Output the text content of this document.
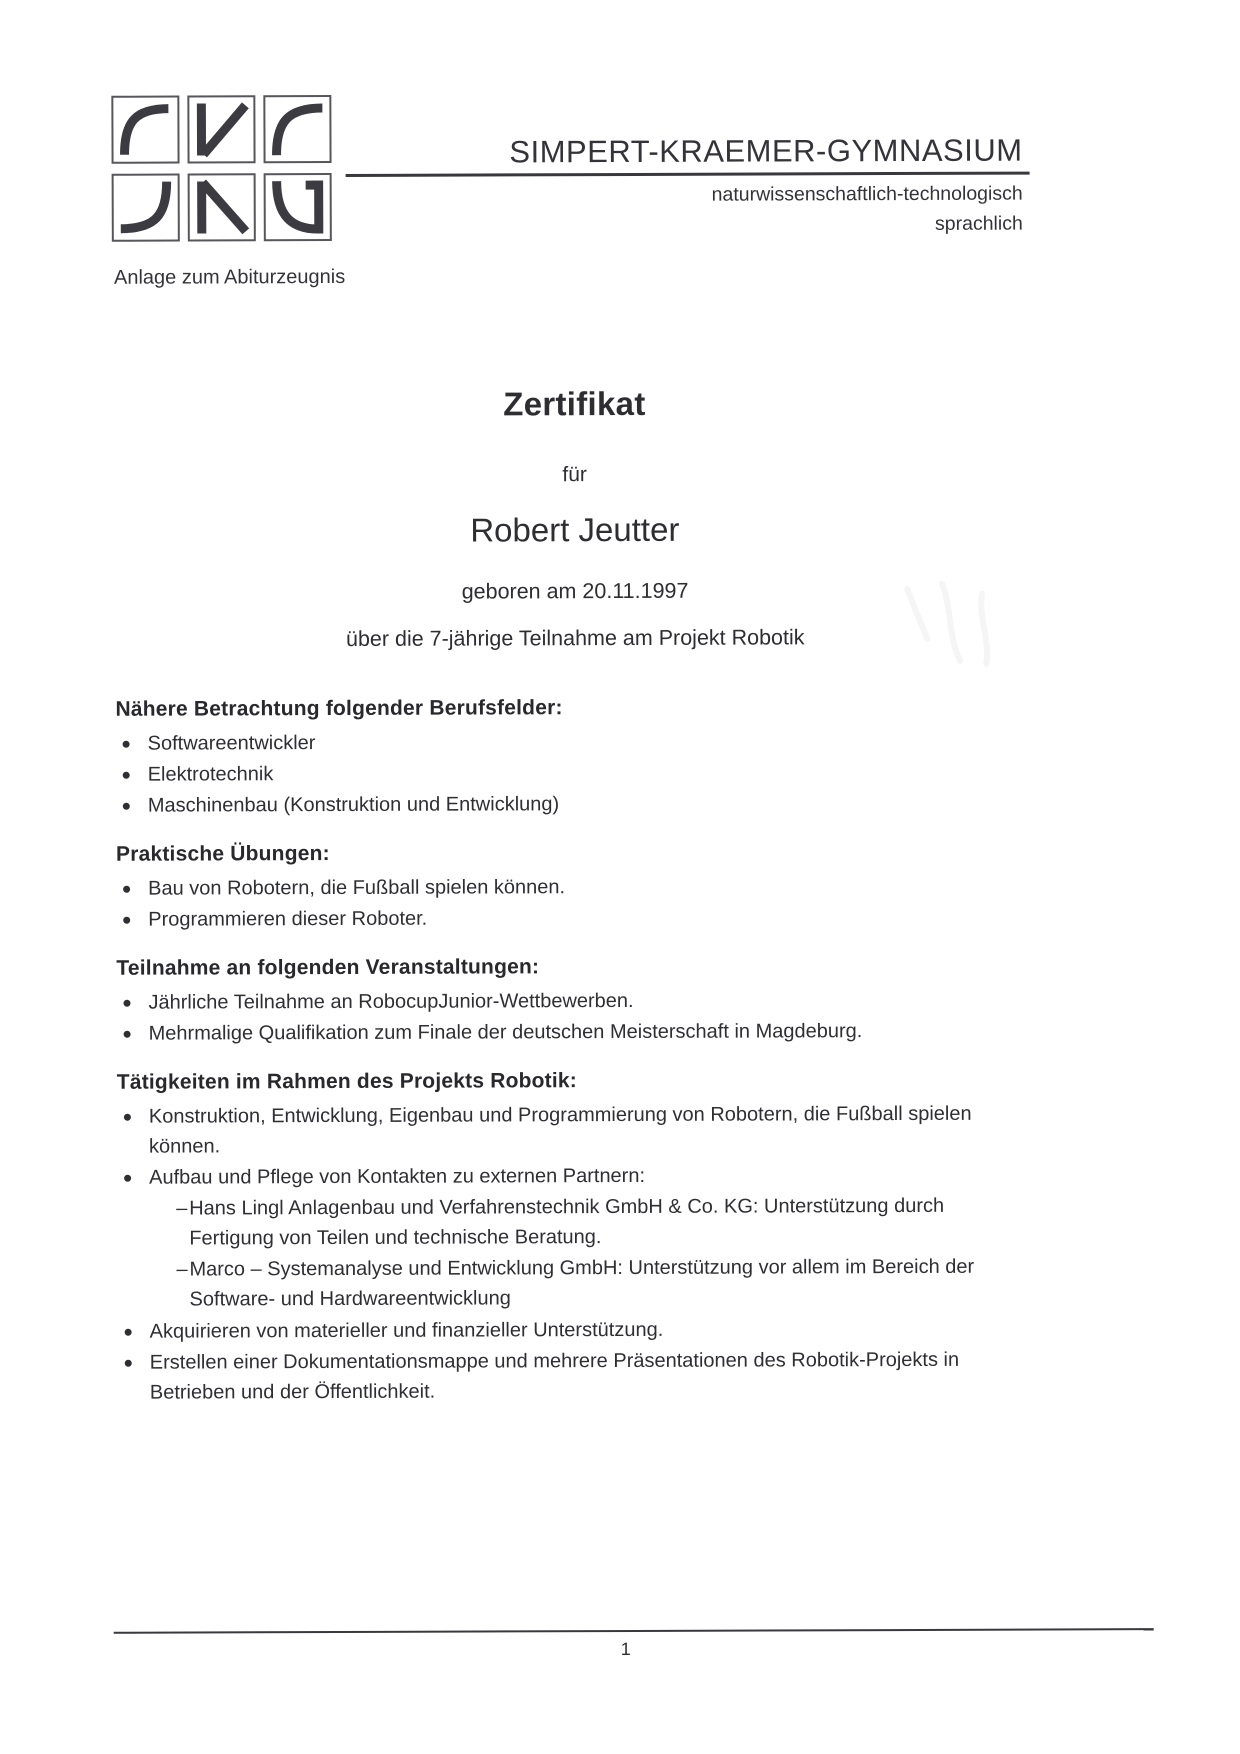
SIMPERT-KRAEMER-GYMNASIUM
naturwissenschaftlich-technologisch
sprachlich
Anlage zum Abiturzeugnis
Zertifikat
für
Robert Jeutter
geboren am 20.11.1997
über die 7-jährige Teilnahme am Projekt Robotik
Nähere Betrachtung folgender Berufsfelder:
Softwareentwickler
Elektrotechnik
Maschinenbau (Konstruktion und Entwicklung)
Praktische Übungen:
Bau von Robotern, die Fußball spielen können.
Programmieren dieser Roboter.
Teilnahme an folgenden Veranstaltungen:
Jährliche Teilnahme an RobocupJunior-Wettbewerben.
Mehrmalige Qualifikation zum Finale der deutschen Meisterschaft in Magdeburg.
Tätigkeiten im Rahmen des Projekts Robotik:
Konstruktion, Entwicklung, Eigenbau und Programmierung von Robotern, die Fußball spielen
können.
Aufbau und Pflege von Kontakten zu externen Partnern:
– Hans Lingl Anlagenbau und Verfahrenstechnik GmbH & Co. KG: Unterstützung durch
Fertigung von Teilen und technische Beratung.
– Marco – Systemanalyse und Entwicklung GmbH: Unterstützung vor allem im Bereich der
Software- und Hardwareentwicklung
Akquirieren von materieller und finanzieller Unterstützung.
Erstellen einer Dokumentationsmappe und mehrere Präsentationen des Robotik-Projekts in
Betrieben und der Öffentlichkeit.
1
